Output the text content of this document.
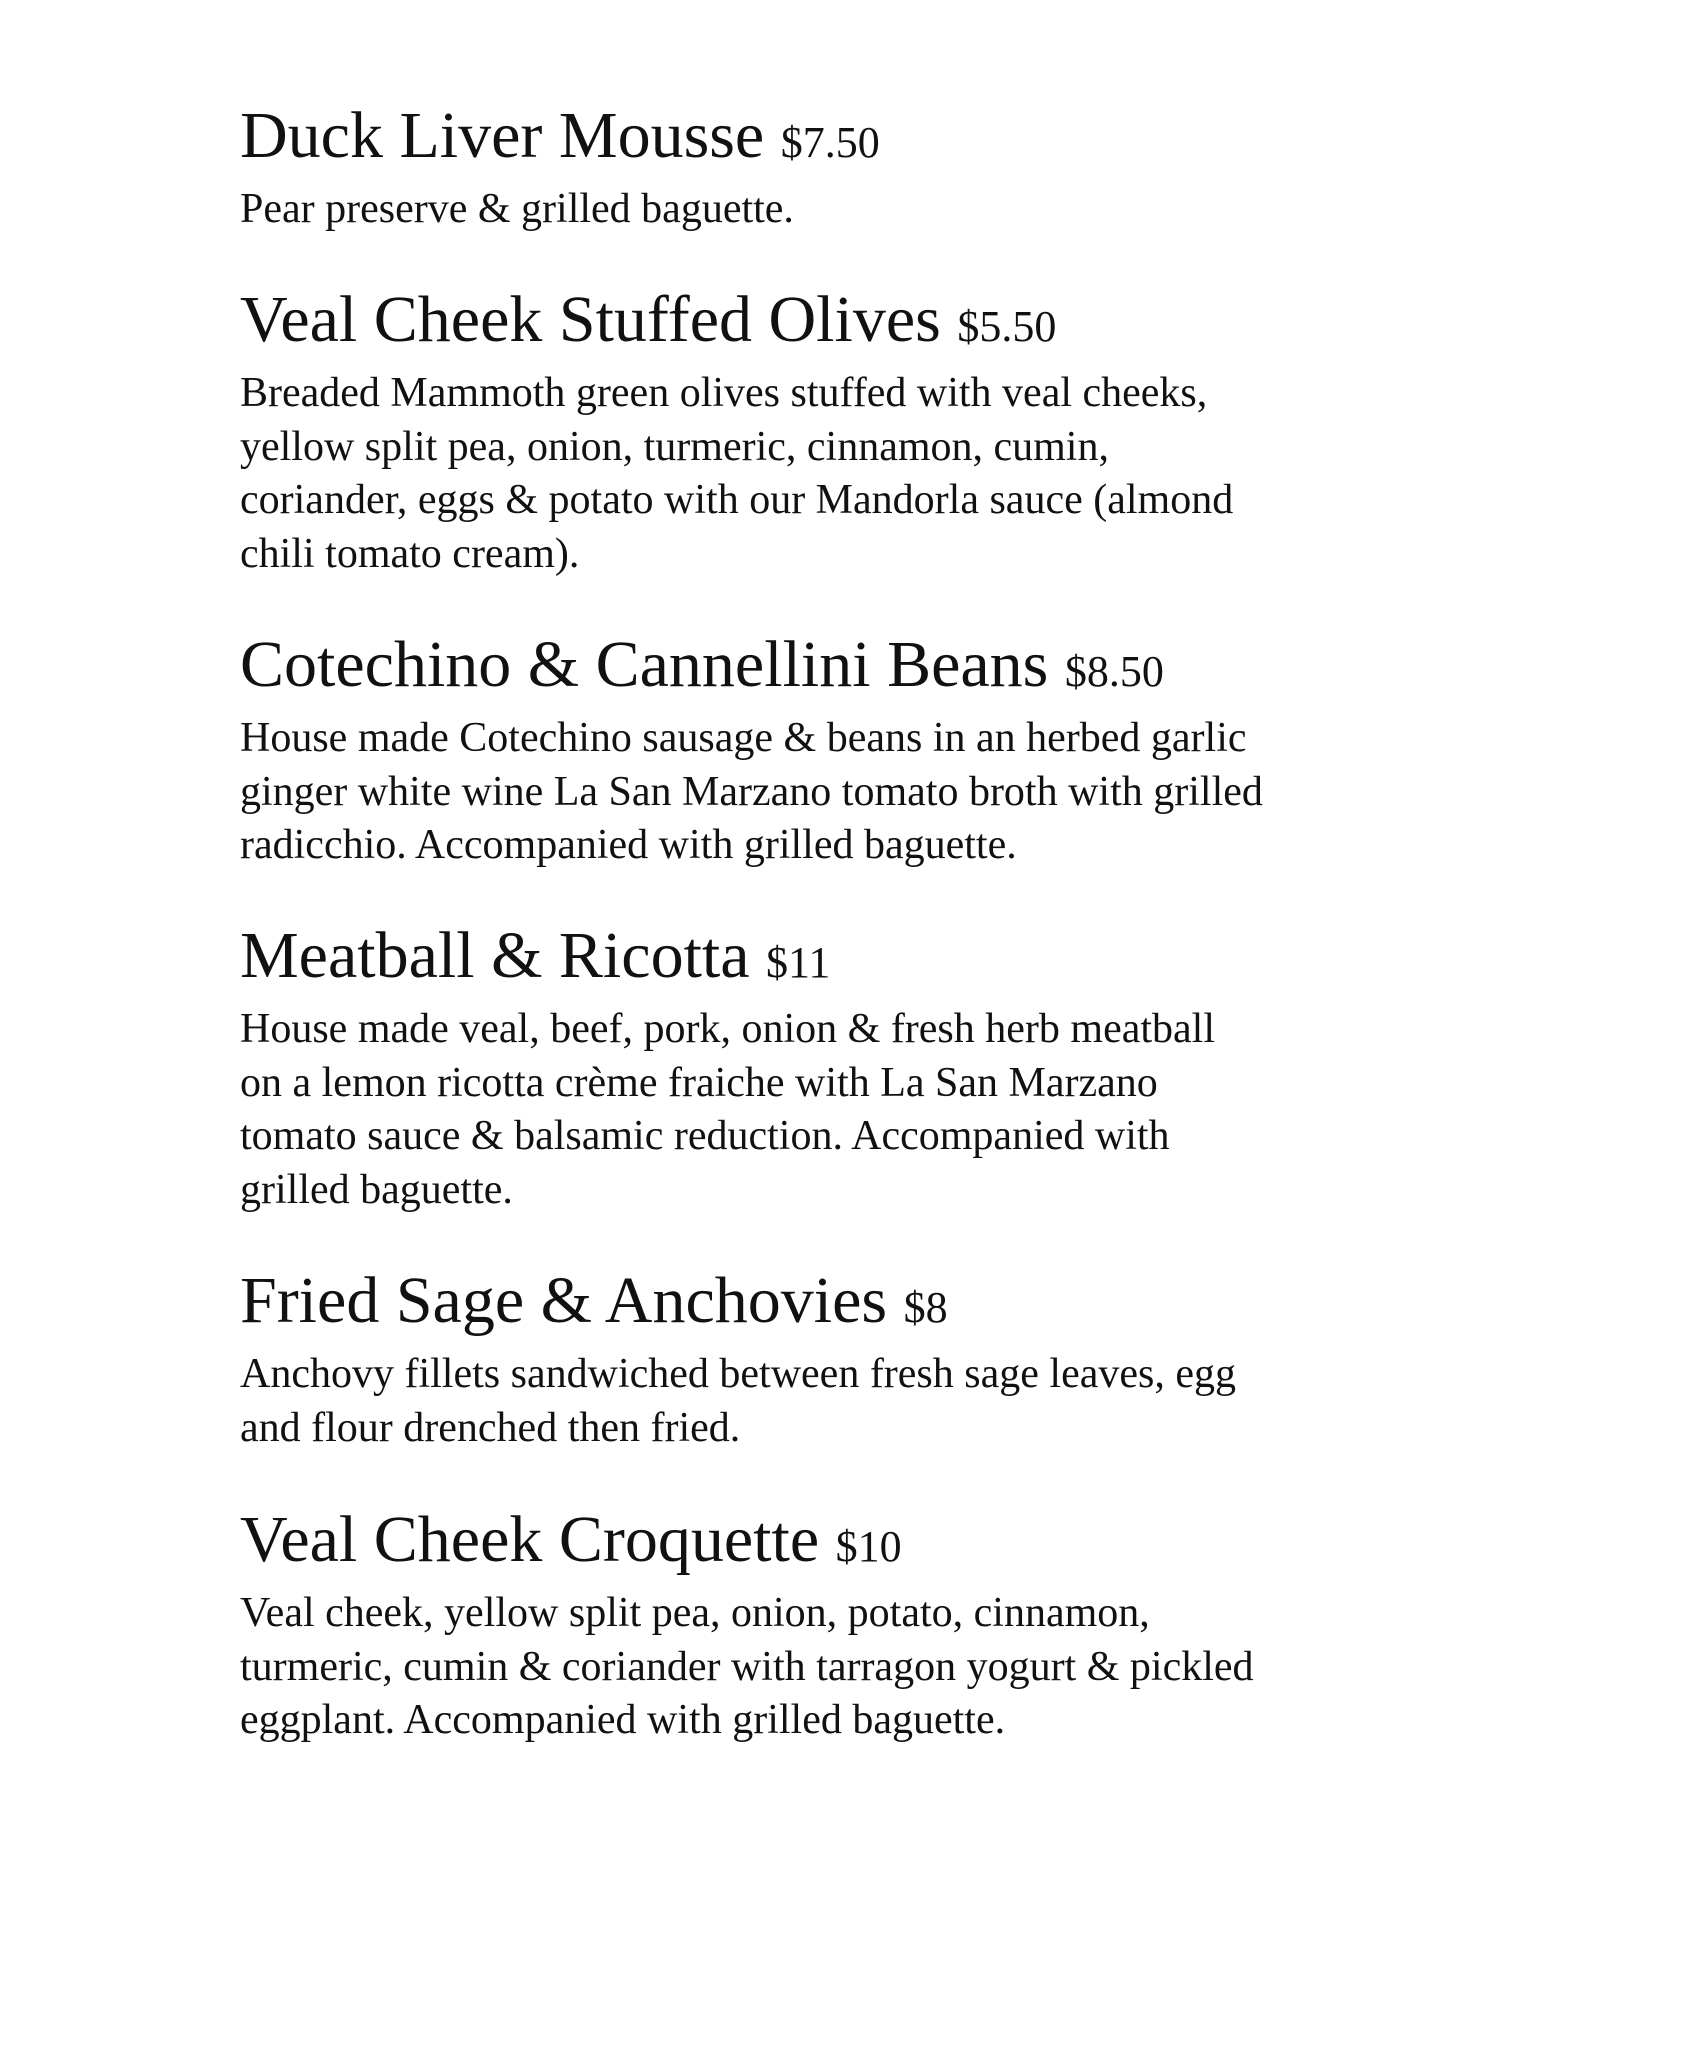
Duck Liver Mousse $7.50

Pear preserve & grilled baguette.

Veal Cheek Stuffed Olives $5.50

Breaded Mammoth green olives stuffed with veal cheeks,
yellow split pea, onion, turmeric, cinnamon, cumin,
coriander, eggs & potato with our Mandorla sauce (almond
chili tomato cream).

Cotechino & Cannellini Beans $8.50

House made Cotechino sausage & beans in an herbed garlic
ginger white wine La San Marzano tomato broth with grilled
radicchio. Accompanied with grilled baguette.

Meatball & Ricotta $11

House made veal, beef, pork, onion & fresh herb meatball
on a lemon ricotta crème fraiche with La San Marzano
tomato sauce & balsamic reduction. Accompanied with
grilled baguette.

Fried Sage & Anchovies $8

Anchovy fillets sandwiched between fresh sage leaves, egg
and flour drenched then fried.

Veal Cheek Croquette $10

Veal cheek, yellow split pea, onion, potato, cinnamon,
turmeric, cumin & coriander with tarragon yogurt & pickled
eggplant. Accompanied with grilled baguette.
